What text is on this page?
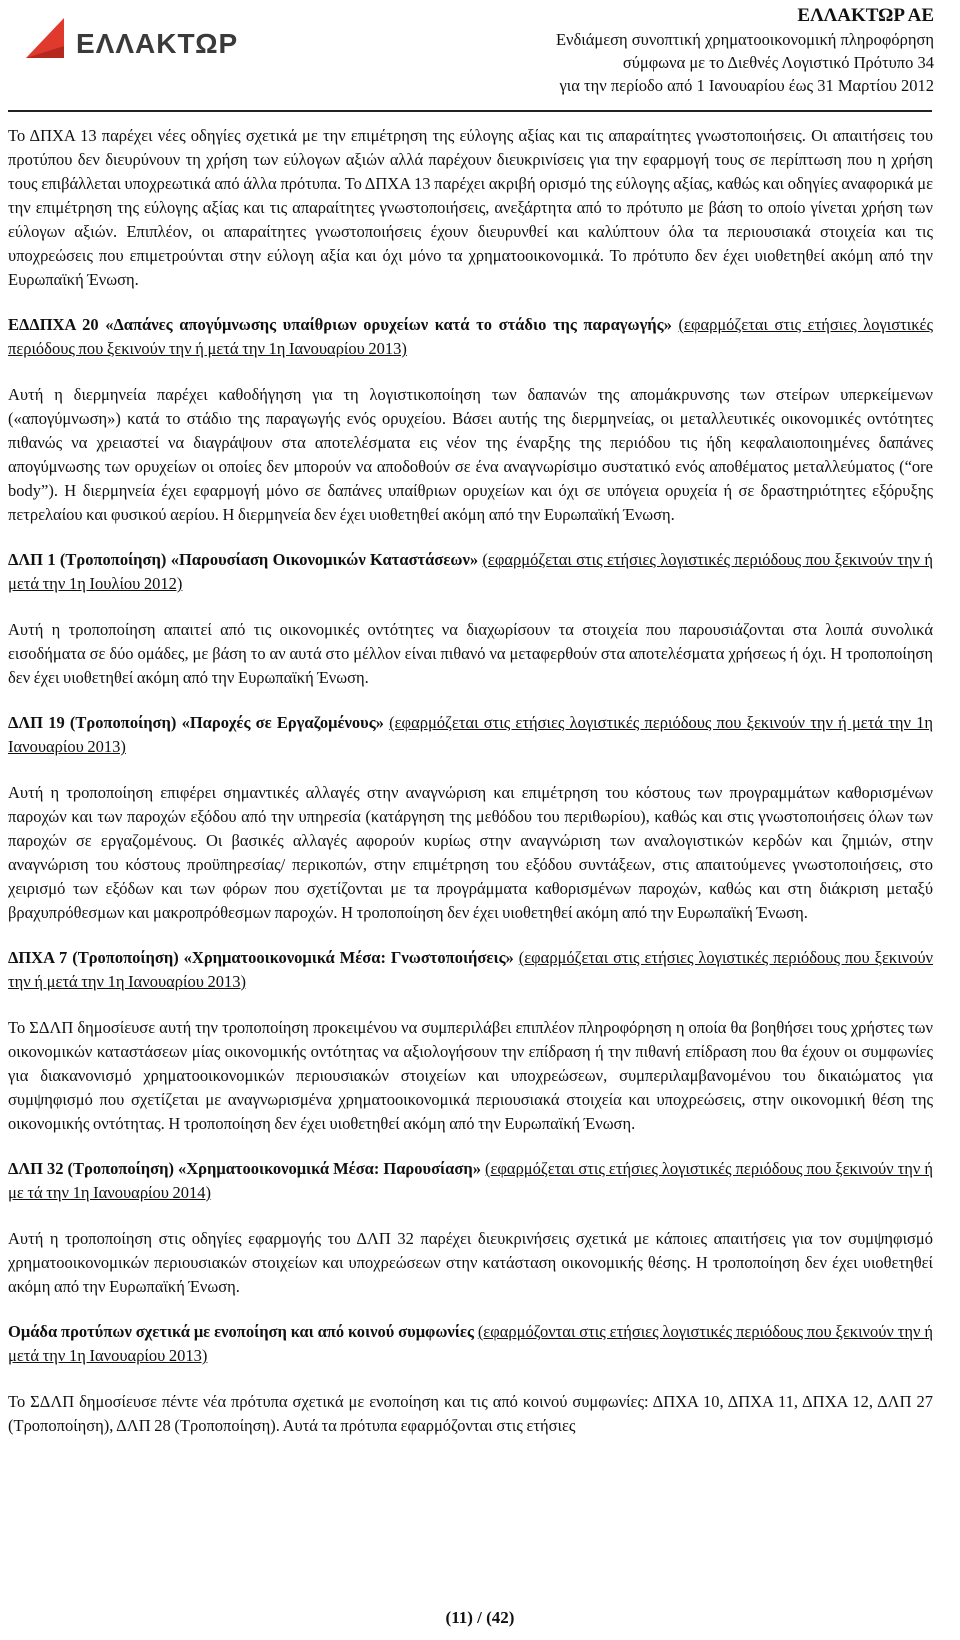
ΕΛΛΑΚΤΩΡ
ΕΛΛΑΚΤΩΡ ΑΕ
Ενδιάμεση συνοπτική χρηματοοικονομική πληροφόρηση
σύμφωνα με το Διεθνές Λογιστικό Πρότυπο 34
για την περίοδο από 1 Ιανουαρίου έως 31 Μαρτίου 2012

Το ΔΠΧΑ 13 παρέχει νέες οδηγίες σχετικά με την επιμέτρηση της εύλογης αξίας και τις απαραίτητες γνωστοποιήσεις. Οι απαιτήσεις του προτύπου δεν διευρύνουν τη χρήση των εύλογων αξιών αλλά παρέχουν διευκρινίσεις για την εφαρμογή τους σε περίπτωση που η χρήση τους επιβάλλεται υποχρεωτικά από άλλα πρότυπα. Το ΔΠΧΑ 13 παρέχει ακριβή ορισμό της εύλογης αξίας, καθώς και οδηγίες αναφορικά με την επιμέτρηση της εύλογης αξίας και τις απαραίτητες γνωστοποιήσεις, ανεξάρτητα από το πρότυπο με βάση το οποίο γίνεται χρήση των εύλογων αξιών. Επιπλέον, οι απαραίτητες γνωστοποιήσεις έχουν διευρυνθεί και καλύπτουν όλα τα περιουσιακά στοιχεία και τις υποχρεώσεις που επιμετρούνται στην εύλογη αξία και όχι μόνο τα χρηματοοικονομικά. Το πρότυπο δεν έχει υιοθετηθεί ακόμη από την Ευρωπαϊκή Ένωση.

ΕΔΔΠΧΑ 20 «Δαπάνες απογύμνωσης υπαίθριων ορυχείων κατά το στάδιο της παραγωγής» (εφαρμόζεται στις ετήσιες λογιστικές περιόδους που ξεκινούν την ή μετά την 1η Ιανουαρίου 2013)

Αυτή η διερμηνεία παρέχει καθοδήγηση για τη λογιστικοποίηση των δαπανών της απομάκρυνσης των στείρων υπερκείμενων («απογύμνωση») κατά το στάδιο της παραγωγής ενός ορυχείου. Βάσει αυτής της διερμηνείας, οι μεταλλευτικές οικονομικές οντότητες πιθανώς να χρειαστεί να διαγράψουν στα αποτελέσματα εις νέον της έναρξης της περιόδου τις ήδη κεφαλαιοποιημένες δαπάνες απογύμνωσης των ορυχείων οι οποίες δεν μπορούν να αποδοθούν σε ένα αναγνωρίσιμο συστατικό ενός αποθέματος μεταλλεύματος (“ore body”). Η διερμηνεία έχει εφαρμογή μόνο σε δαπάνες υπαίθριων ορυχείων και όχι σε υπόγεια ορυχεία ή σε δραστηριότητες εξόρυξης πετρελαίου και φυσικού αερίου. Η διερμηνεία δεν έχει υιοθετηθεί ακόμη από την Ευρωπαϊκή Ένωση.

ΔΛΠ 1 (Τροποποίηση) «Παρουσίαση Οικονομικών Καταστάσεων» (εφαρμόζεται στις ετήσιες λογιστικές περιόδους που ξεκινούν την ή μετά την 1η Ιουλίου 2012)

Αυτή η τροποποίηση απαιτεί από τις οικονομικές οντότητες να διαχωρίσουν τα στοιχεία που παρουσιάζονται στα λοιπά συνολικά εισοδήματα σε δύο ομάδες, με βάση το αν αυτά στο μέλλον είναι πιθανό να μεταφερθούν στα αποτελέσματα χρήσεως ή όχι. Η τροποποίηση δεν έχει υιοθετηθεί ακόμη από την Ευρωπαϊκή Ένωση.

ΔΛΠ 19 (Τροποποίηση) «Παροχές σε Εργαζομένους» (εφαρμόζεται στις ετήσιες λογιστικές περιόδους που ξεκινούν την ή μετά την 1η Ιανουαρίου 2013)

Αυτή η τροποποίηση επιφέρει σημαντικές αλλαγές στην αναγνώριση και επιμέτρηση του κόστους των προγραμμάτων καθορισμένων παροχών και των παροχών εξόδου από την υπηρεσία (κατάργηση της μεθόδου του περιθωρίου), καθώς και στις γνωστοποιήσεις όλων των παροχών σε εργαζομένους. Οι βασικές αλλαγές αφορούν κυρίως στην αναγνώριση των αναλογιστικών κερδών και ζημιών, στην αναγνώριση του κόστους προϋπηρεσίας/ περικοπών, στην επιμέτρηση του εξόδου συντάξεων, στις απαιτούμενες γνωστοποιήσεις, στο χειρισμό των εξόδων και των φόρων που σχετίζονται με τα προγράμματα καθορισμένων παροχών, καθώς και στη διάκριση μεταξύ βραχυπρόθεσμων και μακροπρόθεσμων παροχών. Η τροποποίηση δεν έχει υιοθετηθεί ακόμη από την Ευρωπαϊκή Ένωση.

ΔΠΧΑ 7 (Τροποποίηση) «Χρηματοοικονομικά Μέσα: Γνωστοποιήσεις» (εφαρμόζεται στις ετήσιες λογιστικές περιόδους που ξεκινούν την ή μετά την 1η Ιανουαρίου 2013)

Το ΣΔΛΠ δημοσίευσε αυτή την τροποποίηση προκειμένου να συμπεριλάβει επιπλέον πληροφόρηση η οποία θα βοηθήσει τους χρήστες των οικονομικών καταστάσεων μίας οικονομικής οντότητας να αξιολογήσουν την επίδραση ή την πιθανή επίδραση που θα έχουν οι συμφωνίες για διακανονισμό χρηματοοικονομικών περιουσιακών στοιχείων και υποχρεώσεων, συμπεριλαμβανομένου του δικαιώματος για συμψηφισμό που σχετίζεται με αναγνωρισμένα χρηματοοικονομικά περιουσιακά στοιχεία και υποχρεώσεις, στην οικονομική θέση της οικονομικής οντότητας. Η τροποποίηση δεν έχει υιοθετηθεί ακόμη από την Ευρωπαϊκή Ένωση.

ΔΛΠ 32 (Τροποποίηση) «Χρηματοοικονομικά Μέσα: Παρουσίαση» (εφαρμόζεται στις ετήσιες λογιστικές περιόδους που ξεκινούν την ή με τά την 1η Ιανουαρίου 2014)

Αυτή η τροποποίηση στις οδηγίες εφαρμογής του ΔΛΠ 32 παρέχει διευκρινήσεις σχετικά με κάποιες απαιτήσεις για τον συμψηφισμό χρηματοοικονομικών περιουσιακών στοιχείων και υποχρεώσεων στην κατάσταση οικονομικής θέσης. Η τροποποίηση δεν έχει υιοθετηθεί ακόμη από την Ευρωπαϊκή Ένωση.

Ομάδα προτύπων σχετικά με ενοποίηση και από κοινού συμφωνίες (εφαρμόζονται στις ετήσιες λογιστικές περιόδους που ξεκινούν την ή μετά την 1η Ιανουαρίου 2013)

Το ΣΔΛΠ δημοσίευσε πέντε νέα πρότυπα σχετικά με ενοποίηση και τις από κοινού συμφωνίες: ΔΠΧΑ 10, ΔΠΧΑ 11, ΔΠΧΑ 12, ΔΛΠ 27 (Τροποποίηση), ΔΛΠ 28 (Τροποποίηση). Αυτά τα πρότυπα εφαρμόζονται στις ετήσιες

(11) / (42)
